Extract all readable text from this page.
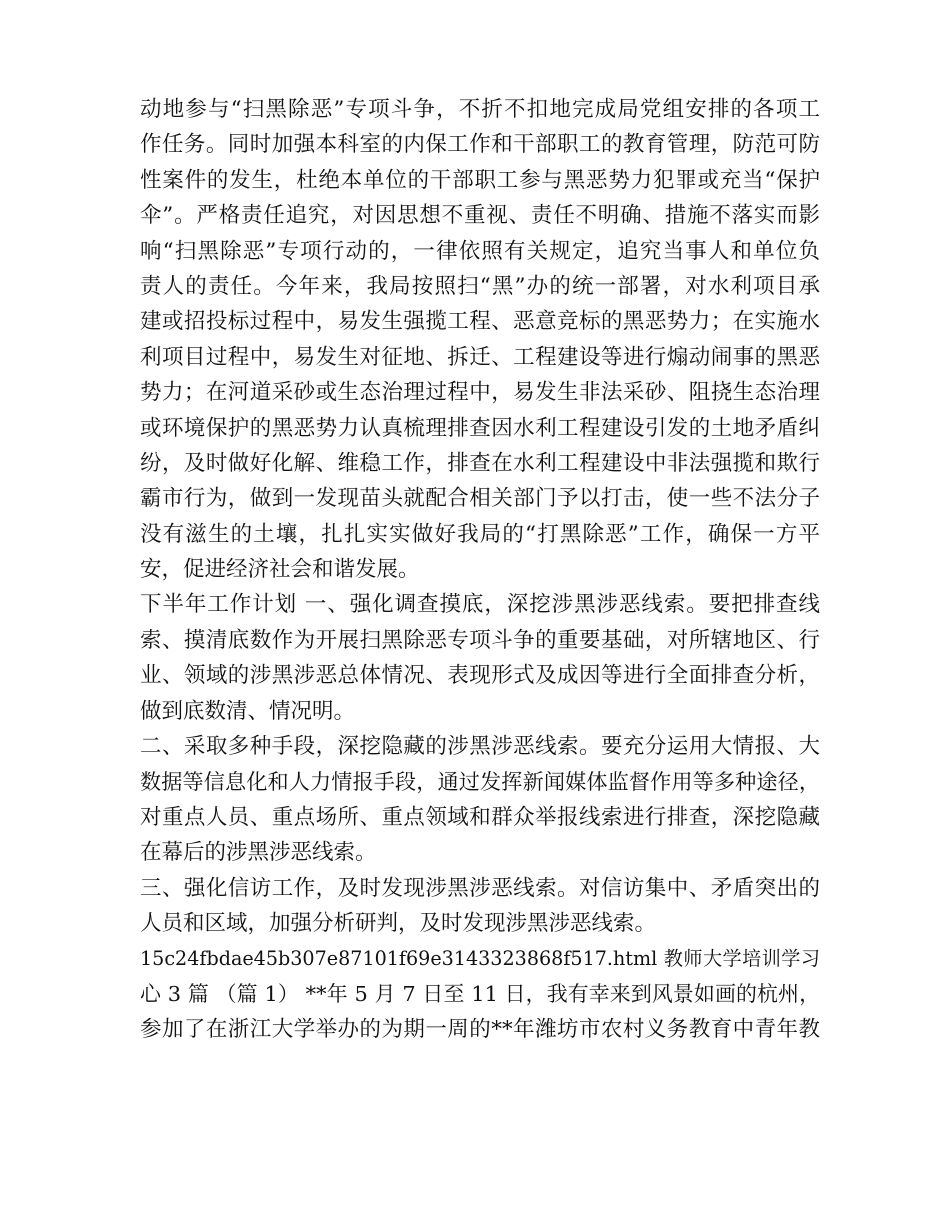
动地参与“扫黑除恶”专项斗争，不折不扣地完成局党组安排的各项工
作任务。同时加强本科室的内保工作和干部职工的教育管理，防范可防
性案件的发生，杜绝本单位的干部职工参与黑恶势力犯罪或充当“保护
伞”。严格责任追究，对因思想不重视、责任不明确、措施不落实而影
响“扫黑除恶”专项行动的，一律依照有关规定，追究当事人和单位负
责人的责任。今年来，我局按照扫“黑”办的统一部署，对水利项目承
建或招投标过程中，易发生强揽工程、恶意竞标的黑恶势力；在实施水
利项目过程中，易发生对征地、拆迁、工程建设等进行煽动闹事的黑恶
势力；在河道采砂或生态治理过程中，易发生非法采砂、阻挠生态治理
或环境保护的黑恶势力认真梳理排查因水利工程建设引发的土地矛盾纠
纷，及时做好化解、维稳工作，排查在水利工程建设中非法强揽和欺行
霸市行为，做到一发现苗头就配合相关部门予以打击，使一些不法分子
没有滋生的土壤，扎扎实实做好我局的“打黑除恶”工作，确保一方平
安，促进经济社会和谐发展。
下半年工作计划 一、强化调查摸底，深挖涉黑涉恶线索。要把排查线
索、摸清底数作为开展扫黑除恶专项斗争的重要基础，对所辖地区、行
业、领域的涉黑涉恶总体情况、表现形式及成因等进行全面排查分析，
做到底数清、情况明。
二、采取多种手段，深挖隐藏的涉黑涉恶线索。要充分运用大情报、大
数据等信息化和人力情报手段，通过发挥新闻媒体监督作用等多种途径，
对重点人员、重点场所、重点领域和群众举报线索进行排查，深挖隐藏
在幕后的涉黑涉恶线索。
三、强化信访工作，及时发现涉黑涉恶线索。对信访集中、矛盾突出的
人员和区域，加强分析研判，及时发现涉黑涉恶线索。
15c24fbdae45b307e87101f69e3143323868f517.html 教师大学培训学习
心 3 篇 （篇 1） **年 5 月 7 日至 11 日，我有幸来到风景如画的杭州，
参加了在浙江大学举办的为期一周的**年潍坊市农村义务教育中青年教
